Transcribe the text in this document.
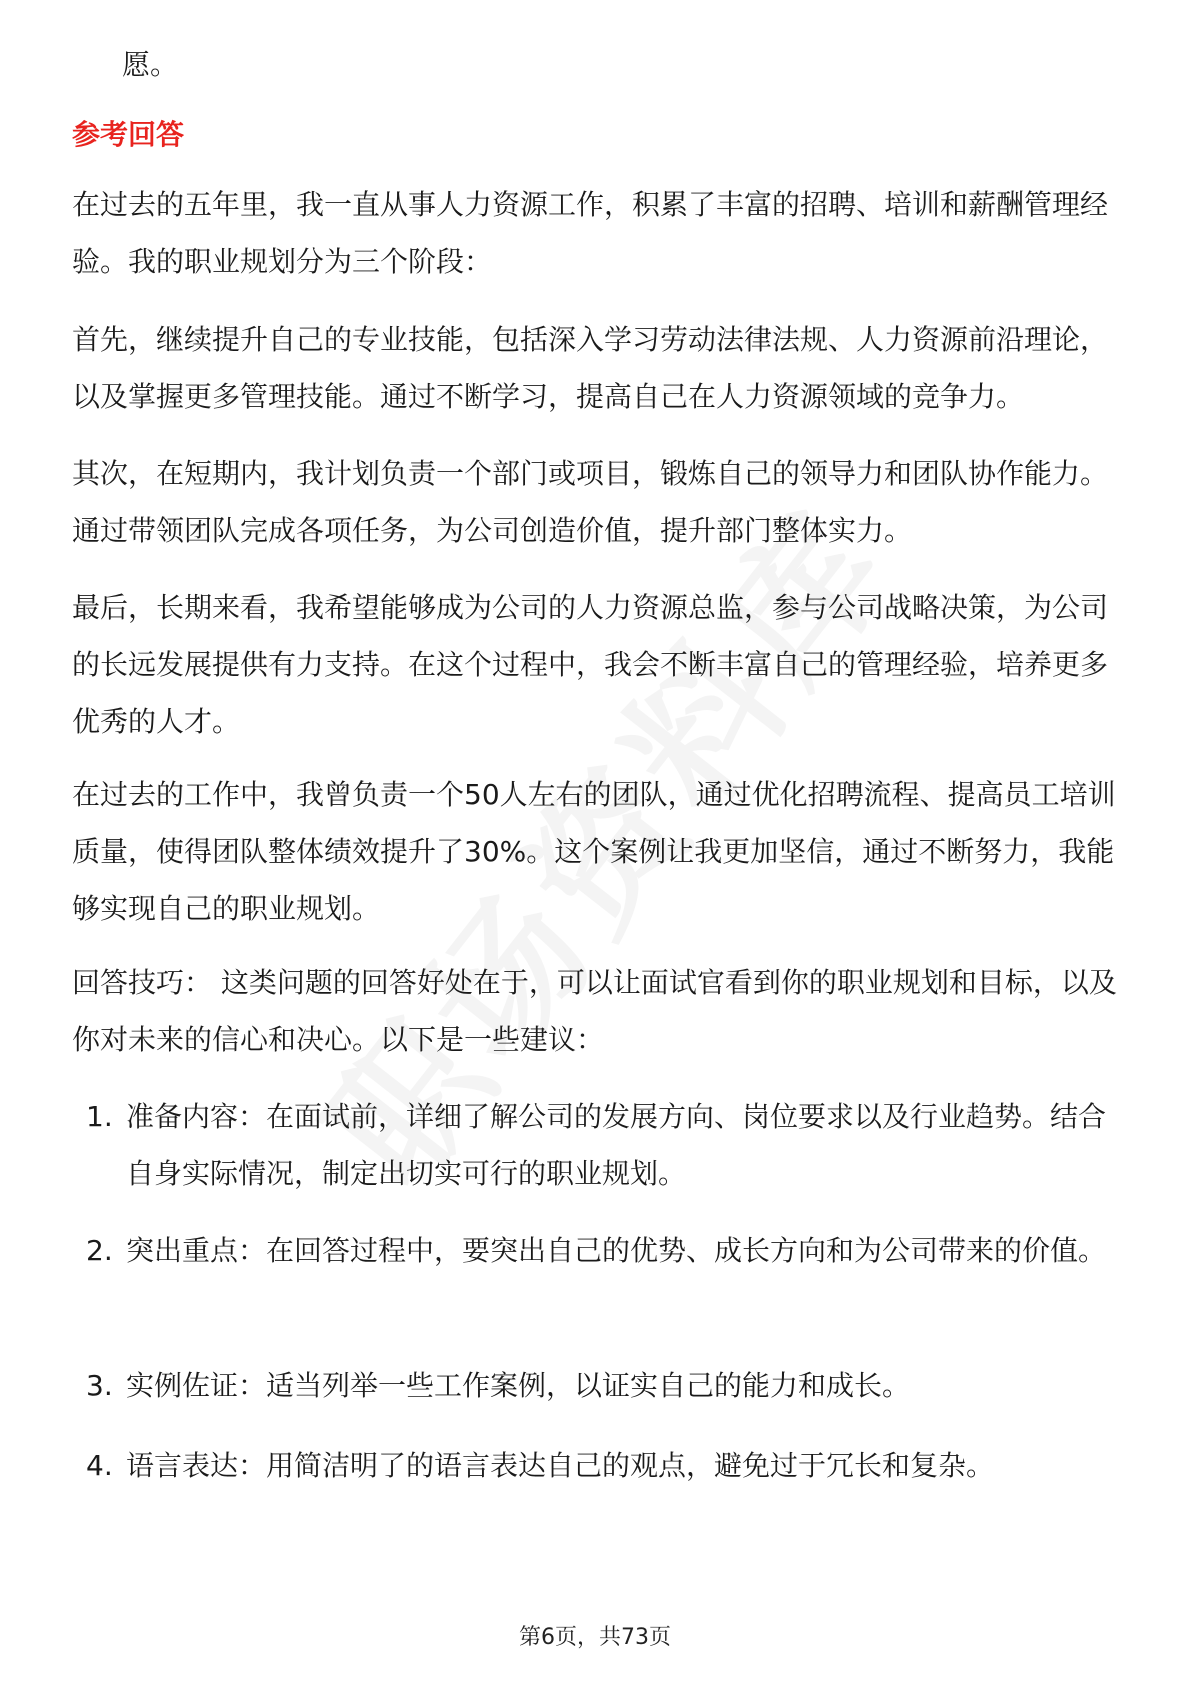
愿。

参考回答

在过去的五年里，我一直从事人力资源工作，积累了丰富的招聘、培训和薪酬管理经验。我的职业规划分为三个阶段：

首先，继续提升自己的专业技能，包括深入学习劳动法律法规、人力资源前沿理论，以及掌握更多管理技能。通过不断学习，提高自己在人力资源领域的竞争力。

其次，在短期内，我计划负责一个部门或项目，锻炼自己的领导力和团队协作能力。通过带领团队完成各项任务，为公司创造价值，提升部门整体实力。

最后，长期来看，我希望能够成为公司的人力资源总监，参与公司战略决策，为公司的长远发展提供有力支持。在这个过程中，我会不断丰富自己的管理经验，培养更多优秀的人才。

在过去的工作中，我曾负责一个50人左右的团队，通过优化招聘流程、提高员工培训质量，使得团队整体绩效提升了30%。这个案例让我更加坚信，通过不断努力，我能够实现自己的职业规划。

回答技巧： 这类问题的回答好处在于，可以让面试官看到你的职业规划和目标，以及你对未来的信心和决心。以下是一些建议：

1. 准备内容：在面试前，详细了解公司的发展方向、岗位要求以及行业趋势。结合自身实际情况，制定出切实可行的职业规划。
2. 突出重点：在回答过程中，要突出自己的优势、成长方向和为公司带来的价值。
3. 实例佐证：适当列举一些工作案例，以证实自己的能力和成长。
4. 语言表达：用简洁明了的语言表达自己的观点，避免过于冗长和复杂。
第6页，共73页
